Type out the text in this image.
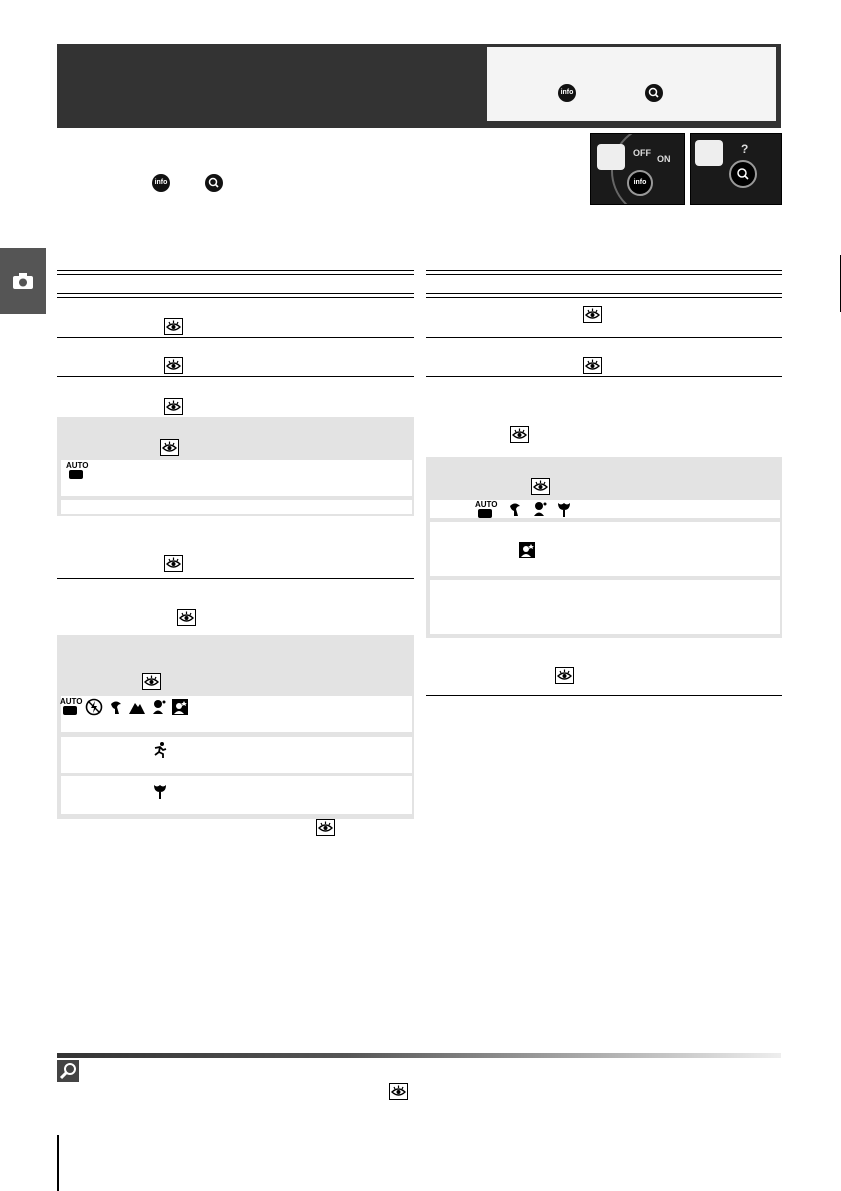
info
info
OFF
ON
info
?
AUTO
AUTO
AUTO
